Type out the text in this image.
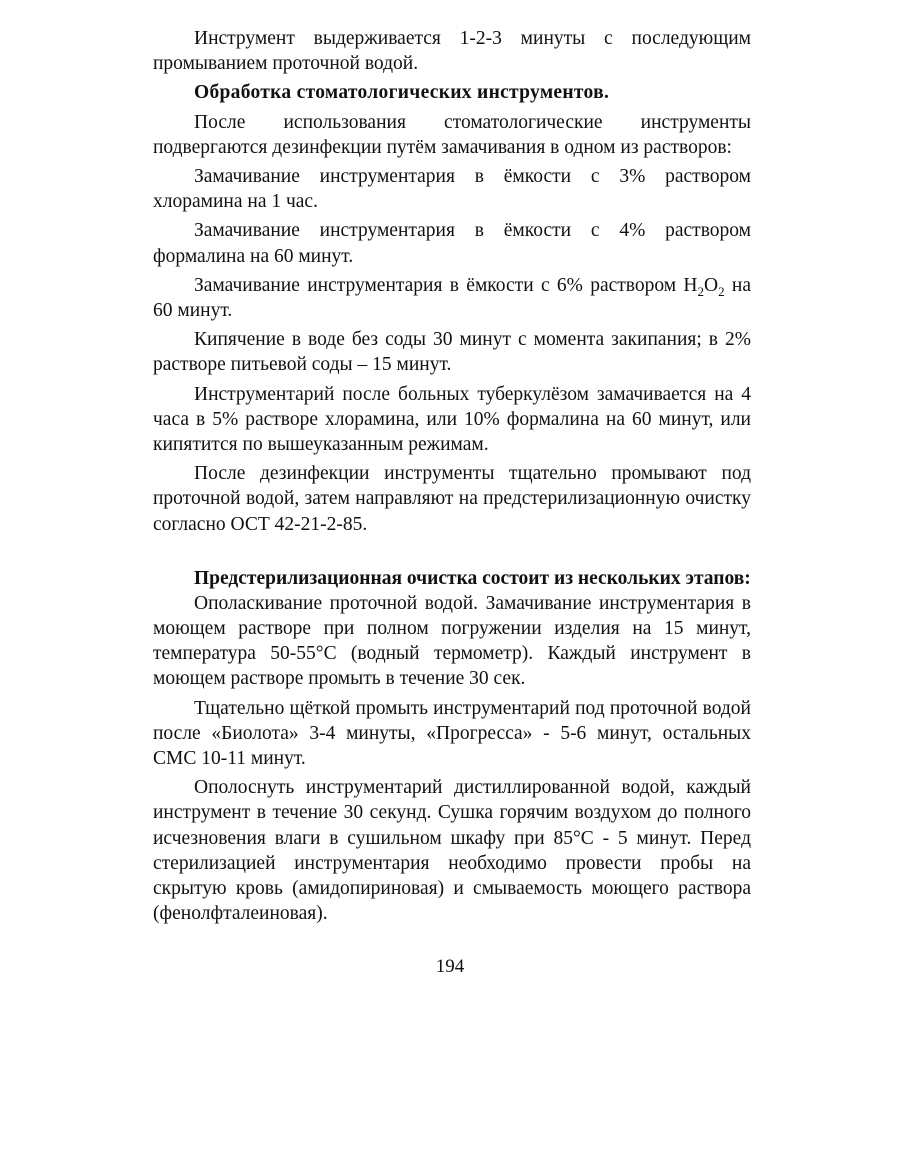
Инструмент выдерживается 1-2-3 минуты с последующим промыванием проточной водой.

Обработка стоматологических инструментов.

После использования стоматологические инструменты подвергаются дезинфекции путём замачивания в одном из растворов:

Замачивание инструментария в ёмкости с 3% раствором хлорамина на 1 час.

Замачивание инструментария в ёмкости с 4% раствором формалина на 60 минут.

Замачивание инструментария в ёмкости с 6% раствором $H_2O_2$ на 60 минут.

Кипячение в воде без соды 30 минут с момента закипания; в 2% растворе питьевой соды – 15 минут.

Инструментарий после больных туберкулёзом замачивается на 4 часа в 5% растворе хлорамина, или 10% формалина на 60 минут, или кипятится по вышеуказанным режимам.

После дезинфекции инструменты тщательно промывают под проточной водой, затем направляют на предстерилизационную очистку согласно ОСТ 42-21-2-85.

Предстерилизационная очистка состоит из нескольких этапов:

Ополаскивание проточной водой. Замачивание инструментария в моющем растворе при полном погружении изделия на 15 минут, температура 50-55°С (водный термометр). Каждый инструмент в моющем растворе промыть в течение 30 сек.

Тщательно щёткой промыть инструментарий под проточной водой после «Биолота» 3-4 минуты, «Прогресса» - 5-6 минут, остальных СМС 10-11 минут.

Ополоснуть инструментарий дистиллированной водой, каждый инструмент в течение 30 секунд. Сушка горячим воздухом до полного исчезновения влаги в сушильном шкафу при 85°С - 5 минут. Перед стерилизацией инструментария необходимо провести пробы на скрытую кровь (амидопириновая) и смываемость моющего раствора (фенолфталеиновая).

194
